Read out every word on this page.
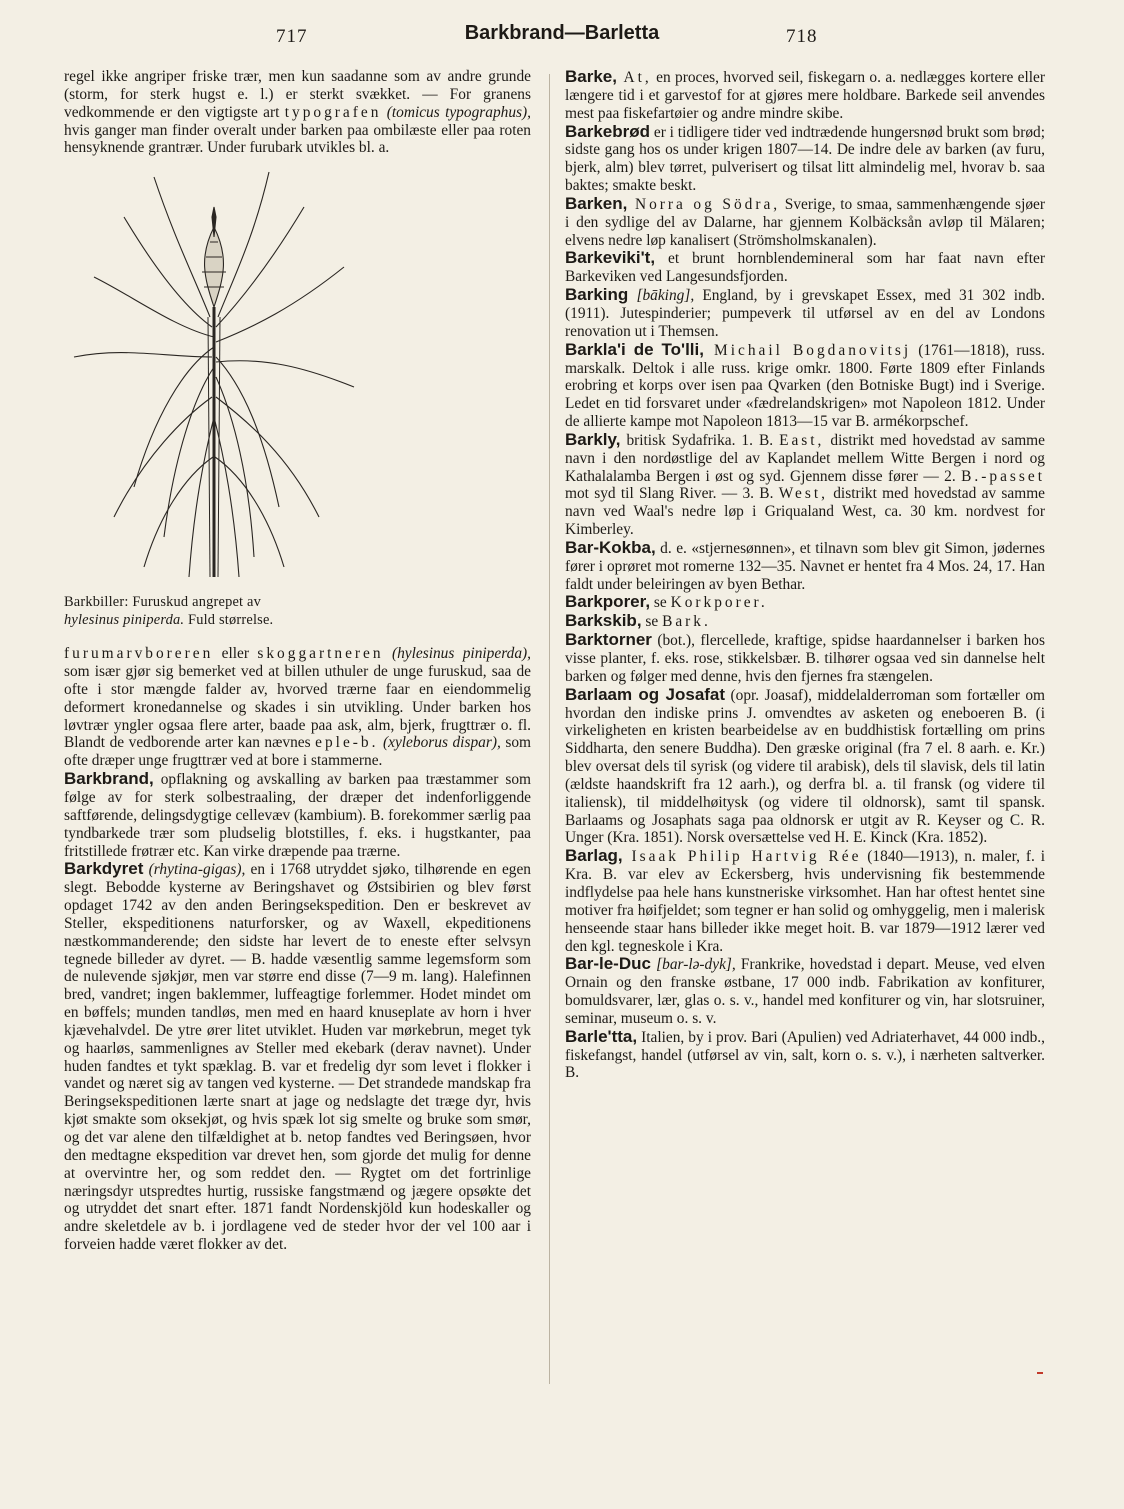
717	Barkbrand—Barletta	718

regel ikke angriper friske trær, men kun saadanne som av andre grunde (storm, for sterk hugst e. l.) er sterkt svækket. — For granens vedkommende er den vigtigste art typografen (tomicus typographus), hvis ganger man finder overalt under barken paa ombilæste eller paa roten hensyknende grantrær. Under furubark utvikles bl. a.

Barkbiller: Furuskud angrepet av
hylesinus piniperda. Fuld størrelse.

furumarvboreren eller skoggartneren (hylesinus piniperda), som især gjør sig bemerket ved at billen uthuler de unge furuskud, saa de ofte i stor mængde falder av, hvorved trærne faar en eiendommelig deformert kronedannelse og skades i sin utvikling. Under barken hos løvtrær yngler ogsaa flere arter, baade paa ask, alm, bjerk, frugttrær o. fl. Blandt de vedborende arter kan nævnes eple-b. (xyleborus dispar), som ofte dræper unge frugttrær ved at bore i stammerne.

Barkbrand, opflakning og avskalling av barken paa træstammer som følge av for sterk solbestraaling, der dræper det indenforliggende saftførende, delingsdygtige cellevæv (kambium). B. forekommer særlig paa tyndbarkede trær som pludselig blotstilles, f. eks. i hugstkanter, paa fritstillede frøtrær etc. Kan virke dræpende paa trærne.

Barkdyret (rhytina-gigas), en i 1768 utryddet sjøko, tilhørende en egen slegt. Bebodde kysterne av Beringshavet og Østsibirien og blev først opdaget 1742 av den anden Beringsekspedition. Den er beskrevet av Steller, ekspeditionens naturforsker, og av Waxell, ekpeditionens næstkommanderende; den sidste har levert de to eneste efter selvsyn tegnede billeder av dyret. — B. hadde væsentlig samme legemsform som de nulevende sjøkjør, men var større end disse (7—9 m. lang). Halefinnen bred, vandret; ingen baklemmer, luffeagtige forlemmer. Hodet mindet om en bøffels; munden tandløs, men med en haard knuseplate av horn i hver kjævehalvdel. De ytre ører litet utviklet. Huden var mørkebrun, meget tyk og haarløs, sammenlignes av Steller med ekebark (derav navnet). Under huden fandtes et tykt spæklag. B. var et fredelig dyr som levet i flokker i vandet og næret sig av tangen ved kysterne. — Det strandede mandskap fra Beringsekspeditionen lærte snart at jage og nedslagte det træge dyr, hvis kjøt smakte som oksekjøt, og hvis spæk lot sig smelte og bruke som smør, og det var alene den tilfældighet at b. netop fandtes ved Beringsøen, hvor den medtagne ekspedition var drevet hen, som gjorde det mulig for denne at overvintre her, og som reddet den. — Rygtet om det fortrinlige næringsdyr utspredtes hurtig, russiske fangstmænd og jægere opsøkte det og utryddet det snart efter. 1871 fandt Nordenskjöld kun hodeskaller og andre skeletdele av b. i jordlagene ved de steder hvor der vel 100 aar i forveien hadde været flokker av det.

Barke, At, en proces, hvorved seil, fiskegarn o. a. nedlægges kortere eller længere tid i et garvestof for at gjøres mere holdbare. Barkede seil anvendes mest paa fiskefartøier og andre mindre skibe.

Barkebrød er i tidligere tider ved indtrædende hungersnød brukt som brød; sidste gang hos os under krigen 1807—14. De indre dele av barken (av furu, bjerk, alm) blev tørret, pulverisert og tilsat litt almindelig mel, hvorav b. saa baktes; smakte beskt.

Barken, Norra og Södra, Sverige, to smaa, sammenhængende sjøer i den sydlige del av Dalarne, har gjennem Kolbäcksån avløp til Mälaren; elvens nedre løp kanalisert (Strömsholmskanalen).

Barkeviki't, et brunt hornblendemineral som har faat navn efter Barkeviken ved Langesundsfjorden.

Barking [bāking], England, by i grevskapet Essex, med 31 302 indb. (1911). Jutespinderier; pumpeverk til utførsel av en del av Londons renovation ut i Themsen.

Barkla'i de To'lli, Michail Bogdanovitsj (1761—1818), russ. marskalk. Deltok i alle russ. krige omkr. 1800. Førte 1809 efter Finlands erobring et korps over isen paa Qvarken (den Botniske Bugt) ind i Sverige. Ledet en tid forsvaret under «fædrelandskrigen» mot Napoleon 1812. Under de allierte kampe mot Napoleon 1813—15 var B. armékorpschef.

Barkly, britisk Sydafrika. 1. B. East, distrikt med hovedstad av samme navn i den nordøstlige del av Kaplandet mellem Witte Bergen i nord og Kathalalamba Bergen i øst og syd. Gjennem disse fører — 2. B.-passet mot syd til Slang River. — 3. B. West, distrikt med hovedstad av samme navn ved Waal's nedre løp i Griqualand West, ca. 30 km. nordvest for Kimberley.

Bar-Kokba, d. e. «stjernesønnen», et tilnavn som blev git Simon, jødernes fører i oprøret mot romerne 132—35. Navnet er hentet fra 4 Mos. 24, 17. Han faldt under beleiringen av byen Bethar.

Barkporer, se Korkporer.

Barkskib, se Bark.

Barktorner (bot.), flercellede, kraftige, spidse haardannelser i barken hos visse planter, f. eks. rose, stikkelsbær. B. tilhører ogsaa ved sin dannelse helt barken og følger med denne, hvis den fjernes fra stængelen.

Barlaam og Josafat (opr. Joasaf), middelalderroman som fortæller om hvordan den indiske prins J. omvendtes av asketen og eneboeren B. (i virkeligheten en kristen bearbeidelse av en buddhistisk fortælling om prins Siddharta, den senere Buddha). Den græske original (fra 7 el. 8 aarh. e. Kr.) blev oversat dels til syrisk (og videre til arabisk), dels til slavisk, dels til latin (ældste haandskrift fra 12 aarh.), og derfra bl. a. til fransk (og videre til italiensk), til middelhøitysk (og videre til oldnorsk), samt til spansk. Barlaams og Josaphats saga paa oldnorsk er utgit av R. Keyser og C. R. Unger (Kra. 1851). Norsk oversættelse ved H. E. Kinck (Kra. 1852).

Barlag, Isaak Philip Hartvig Rée (1840—1913), n. maler, f. i Kra. B. var elev av Eckersberg, hvis undervisning fik bestemmende indflydelse paa hele hans kunstneriske virksomhet. Han har oftest hentet sine motiver fra høifjeldet; som tegner er han solid og omhyggelig, men i malerisk henseende staar hans billeder ikke meget hoit. B. var 1879—1912 lærer ved den kgl. tegneskole i Kra.

Bar-le-Duc [bar-lə-dyk], Frankrike, hovedstad i depart. Meuse, ved elven Ornain og den franske østbane, 17 000 indb. Fabrikation av konfiturer, bomuldsvarer, lær, glas o. s. v., handel med konfiturer og vin, har slotsruiner, seminar, museum o. s. v.

Barle'tta, Italien, by i prov. Bari (Apulien) ved Adriaterhavet, 44 000 indb., fiskefangst, handel (utførsel av vin, salt, korn o. s. v.), i nærheten saltverker. B.
